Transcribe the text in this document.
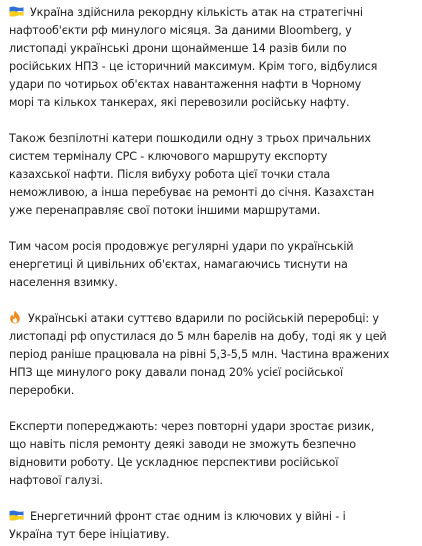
Україна здійснила рекордну кількість атак на стратегічні
нафтооб'єкти рф минулого місяця. За даними Bloomberg, у
листопаді українські дрони щонайменше 14 разів били по
російських НПЗ - це історичний максимум. Крім того, відбулися
удари по чотирьох об'єктах навантаження нафти в Чорному
морі та кількох танкерах, які перевозили російську нафту.

Також безпілотні катери пошкодили одну з трьох причальних
систем терміналу CPC - ключового маршруту експорту
казахської нафти. Після вибуху робота цієї точки стала
неможливою, а інша перебуває на ремонті до січня. Казахстан
уже перенаправляє свої потоки іншими маршрутами.

Тим часом росія продовжує регулярні удари по українській
енергетиці й цивільних об'єктах, намагаючись тиснути на
населення взимку.

Українські атаки суттєво вдарили по російській переробці: у
листопаді рф опустилася до 5 млн барелів на добу, тоді як у цей
період раніше працювала на рівні 5,3-5,5 млн. Частина вражених
НПЗ ще минулого року давали понад 20% усієї російської
переробки.

Експерти попереджають: через повторні удари зростає ризик,
що навіть після ремонту деякі заводи не зможуть безпечно
відновити роботу. Це ускладнює перспективи російської
нафтової галузі.

Енергетичний фронт стає одним із ключових у війні - і
Україна тут бере ініціативу.
